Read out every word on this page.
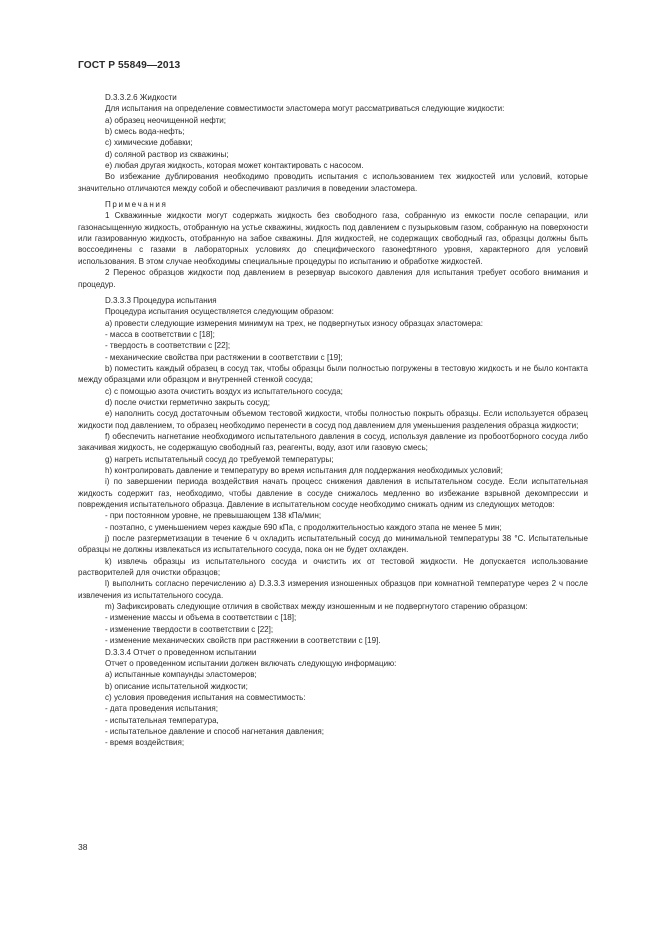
ГОСТ Р 55849—2013

D.3.3.2.6 Жидкости

Для испытания на определение совместимости эластомера могут рассматриваться следующие жидкости:

а) образец неочищенной нефти;

b) смесь вода-нефть;

c) химические добавки;

d) соляной раствор из скважины;

e) любая другая жидкость, которая может контактировать с насосом.

Во избежание дублирования необходимо проводить испытания с использованием тех жидкостей или условий, которые значительно отличаются между собой и обеспечивают различия в поведении эластомера.

Примечания

1 Скважинные жидкости могут содержать жидкость без свободного газа, собранную из емкости после сепарации, или газонасыщенную жидкость, отобранную на устье скважины, жидкость под давлением с пузырьковым газом, собранную на поверхности или газированную жидкость, отобранную на забое скважины. Для жидкостей, не содержащих свободный газ, образцы должны быть воссоединены с газами в лабораторных условиях до специфического газонефтяного уровня, характерного для условий использования. В этом случае необходимы специальные процедуры по испытанию и обработке жидкостей.

2 Перенос образцов жидкости под давлением в резервуар высокого давления для испытания требует особого внимания и процедур.

D.3.3.3 Процедура испытания

Процедура испытания осуществляется следующим образом:

а) провести следующие измерения минимум на трех, не подвергнутых износу образцах эластомера:

- масса в соответствии с [18];

- твердость в соответствии с [22];

- механические свойства при растяжении в соответствии с [19];

b) поместить каждый образец в сосуд так, чтобы образцы были полностью погружены в тестовую жидкость и не было контакта между образцами или образцом и внутренней стенкой сосуда;

c) с помощью азота очистить воздух из испытательного сосуда;

d) после очистки герметично закрыть сосуд;

е) наполнить сосуд достаточным объемом тестовой жидкости, чтобы полностью покрыть образцы. Если используется образец жидкости под давлением, то образец необходимо перенести в сосуд под давлением для уменьшения разделения образца жидкости;

f) обеспечить нагнетание необходимого испытательного давления в сосуд, используя давление из пробоотборного сосуда либо закачивая жидкость, не содержащую свободный газ, реагенты, воду, азот или газовую смесь;

g) нагреть испытательный сосуд до требуемой температуры;

h) контролировать давление и температуру во время испытания для поддержания необходимых условий;

i) по завершении периода воздействия начать процесс снижения давления в испытательном сосуде. Если испытательная жидкость содержит газ, необходимо, чтобы давление в сосуде снижалось медленно во избежание взрывной декомпрессии и повреждения испытательного образца. Давление в испытательном сосуде необходимо снижать одним из следующих методов:

- при постоянном уровне, не превышающем 138 кПа/мин;

- поэтапно, с уменьшением через каждые 690 кПа, с продолжительностью каждого этапа не менее 5 мин;

j) после разгерметизации в течение 6 ч охладить испытательный сосуд до минимальной температуры 38 °С. Испытательные образцы не должны извлекаться из испытательного сосуда, пока он не будет охлажден.

k) извлечь образцы из испытательного сосуда и очистить их от тестовой жидкости. Не допускается использование растворителей для очистки образцов;

l) выполнить согласно перечислению а) D.3.3.3 измерения изношенных образцов при комнатной температуре через 2 ч после извлечения из испытательного сосуда.

m) Зафиксировать следующие отличия в свойствах между изношенным и не подвергнутого старению образцом:

- изменение массы и объема в соответствии с [18];

- изменение твердости в соответствии с [22];

- изменение механических свойств при растяжении в соответствии с [19].

D.3.3.4 Отчет о проведенном испытании

Отчет о проведенном испытании должен включать следующую информацию:

a) испытанные компаунды эластомеров;

b) описание испытательной жидкости;

c) условия проведения испытания на совместимость:

- дата проведения испытания;

- испытательная температура,

- испытательное давление и способ нагнетания давления;

- время воздействия;

38
